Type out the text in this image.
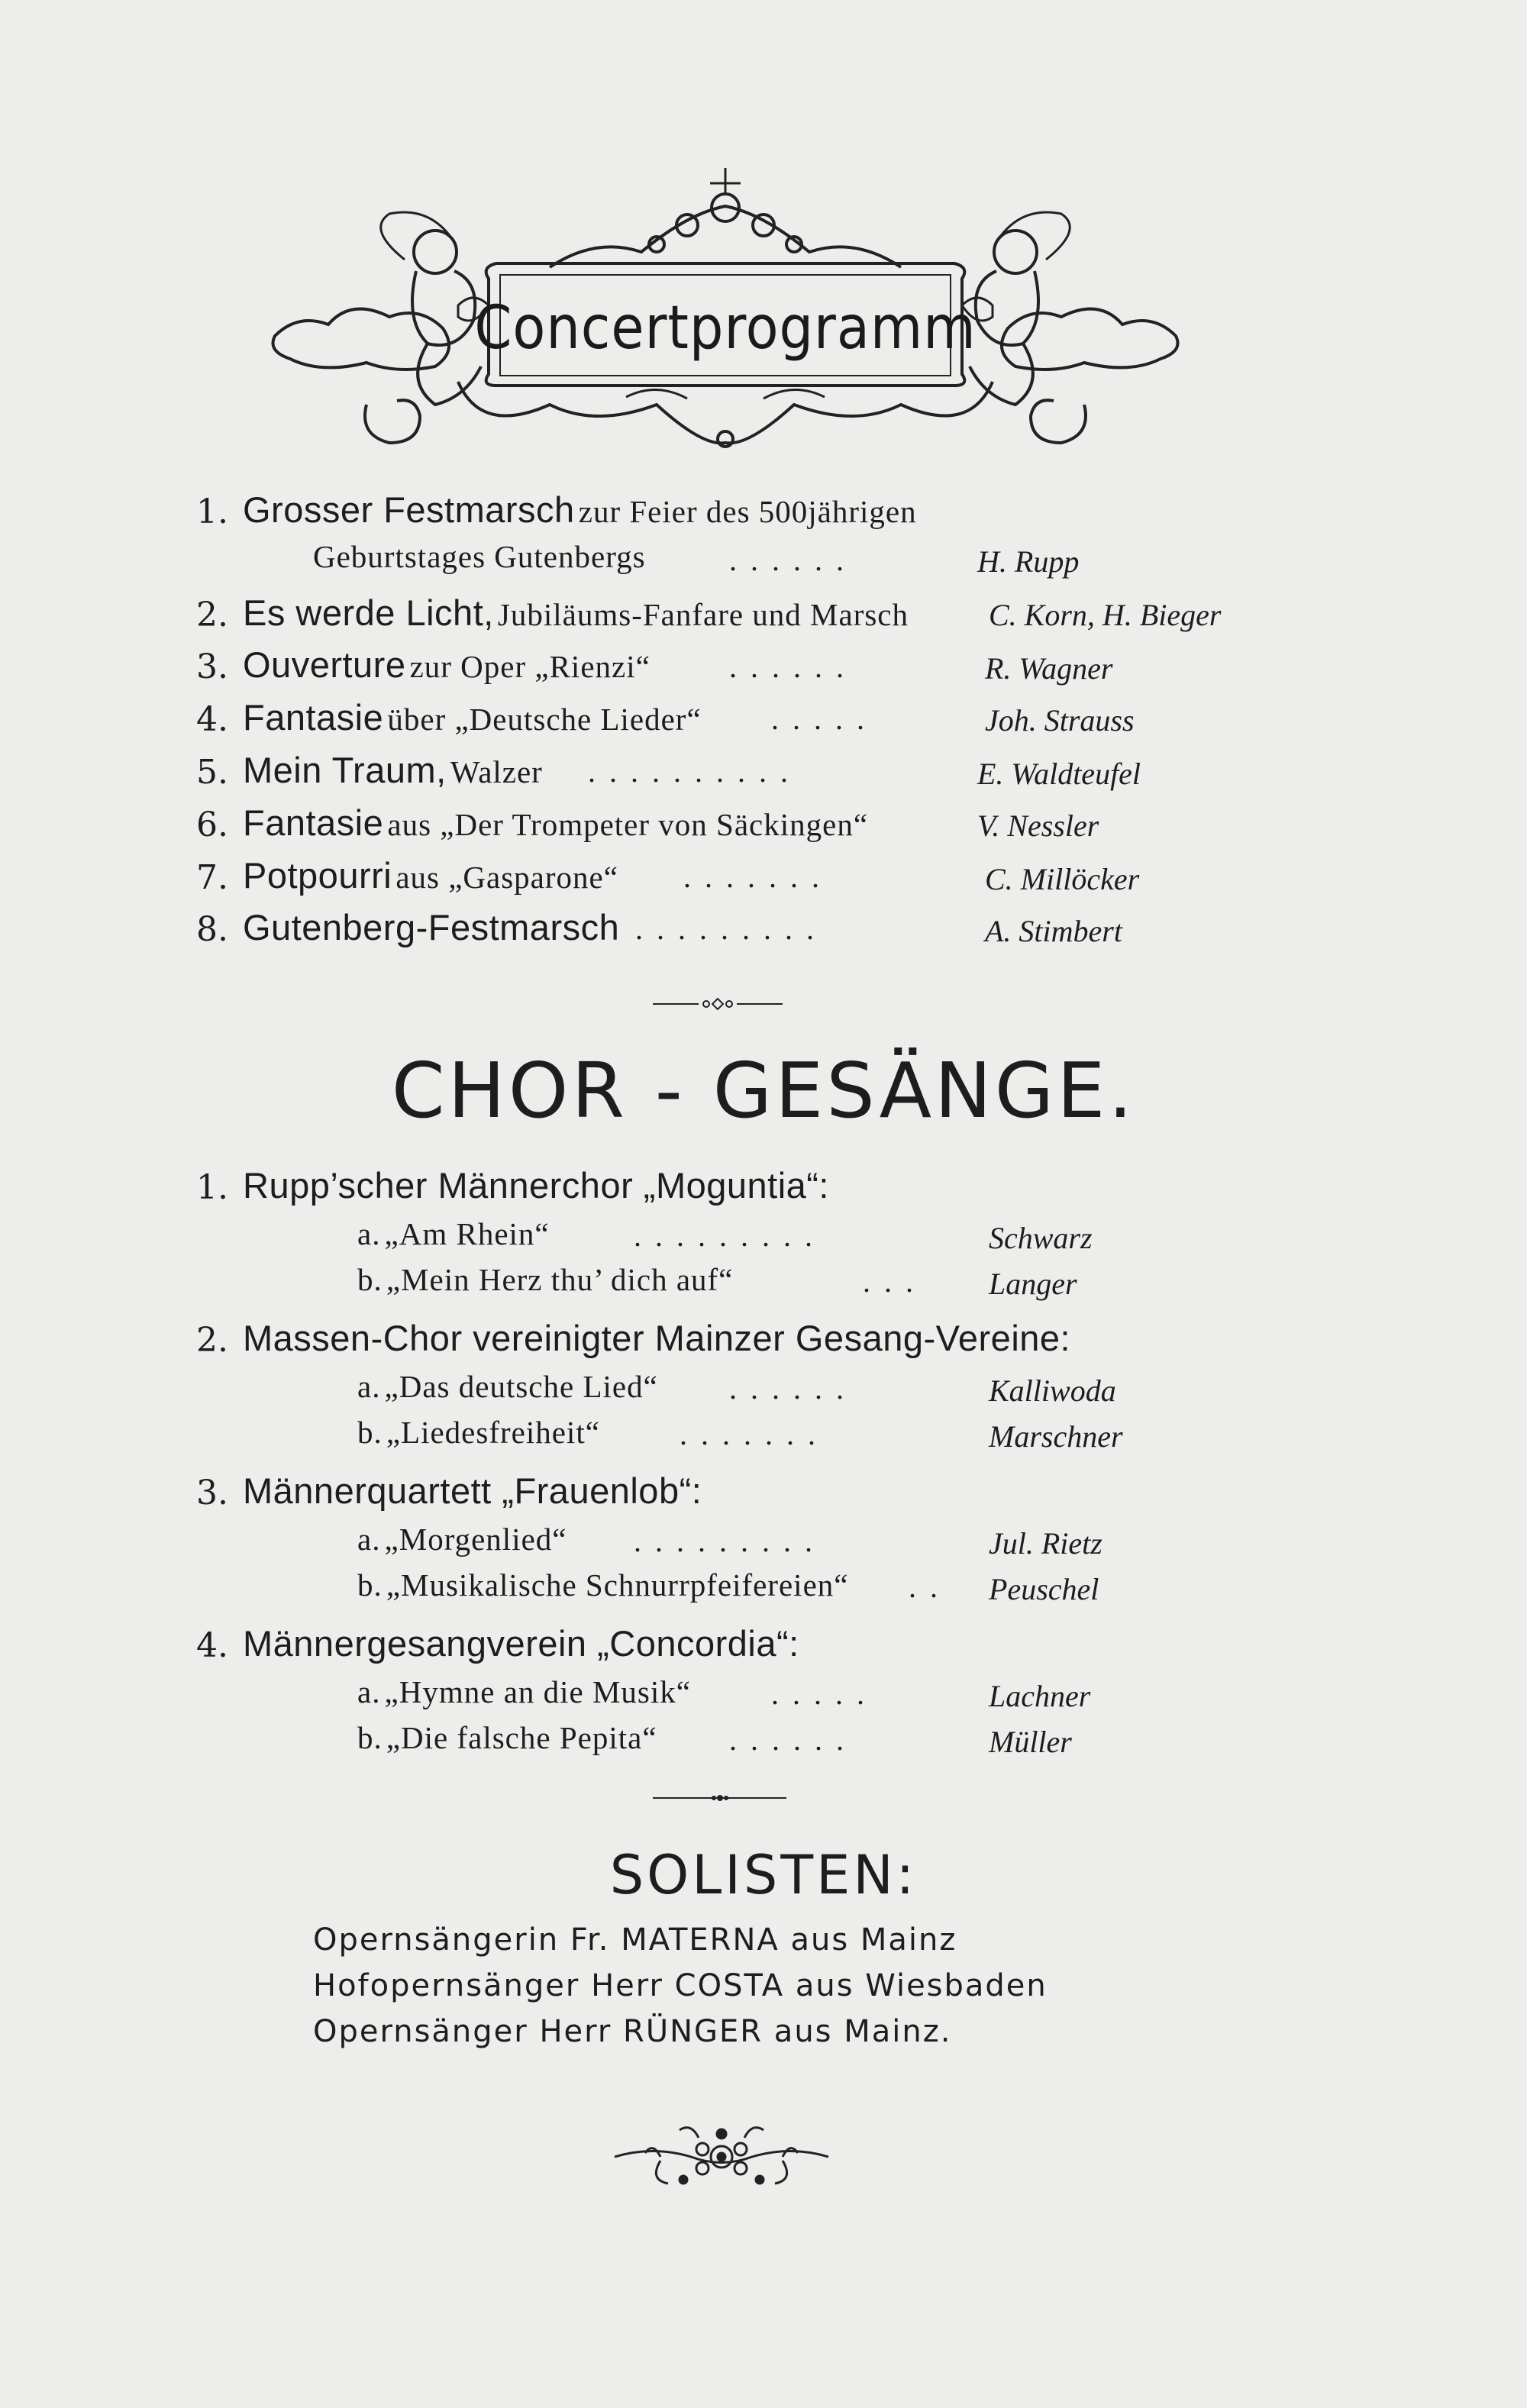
Concertprogramm
1. Grosser Festmarsch
zur Feier des 500jährigen
Geburtstages Gutenbergs	......	H. Rupp
2. Es werde Licht,
Jubiläums-Fanfare und Marsch	C. Korn, H. Bieger
3. Ouverture
zur Oper „Rienzi“	......	R. Wagner
4. Fantasie
über „Deutsche Lieder“ .....	Joh. Strauss
5. Mein Traum,
Walzer ..........	E. Waldteufel
6. Fantasie
aus „Der Trompeter von Säckingen“	V. Nessler
7. Potpourri
aus „Gasparone“ .......	C. Millöcker
8. Gutenberg-Festmarsch .........	A. Stimbert
CHOR - GESÄNGE.
1. Rupp’scher Männerchor „Moguntia“:
a.
„Am Rhein“	.........	Schwarz
b.
„Mein Herz thu’ dich auf“	... Langer
2. Massen-Chor vereinigter Mainzer Gesang-Vereine:
a.
„Das deutsche Lied“ ......	Kalliwoda
b.
„Liedesfreiheit“	.......	Marschner
3. Männerquartett „Frauenlob“:
a.
„Morgenlied“ .........	Jul. Rietz
b.
„Musikalische Schnurrpfeifereien“ .. Peuschel
4. Männergesangverein „Concordia“:
a.
„Hymne an die Musik“	.....	Lachner
b.
„Die falsche Pepita“ ......	Müller
SOLISTEN:
Opernsängerin Fr. MATERNA aus Mainz
Hofopernsänger Herr COSTA aus Wiesbaden
Opernsänger Herr RÜNGER aus Mainz.
